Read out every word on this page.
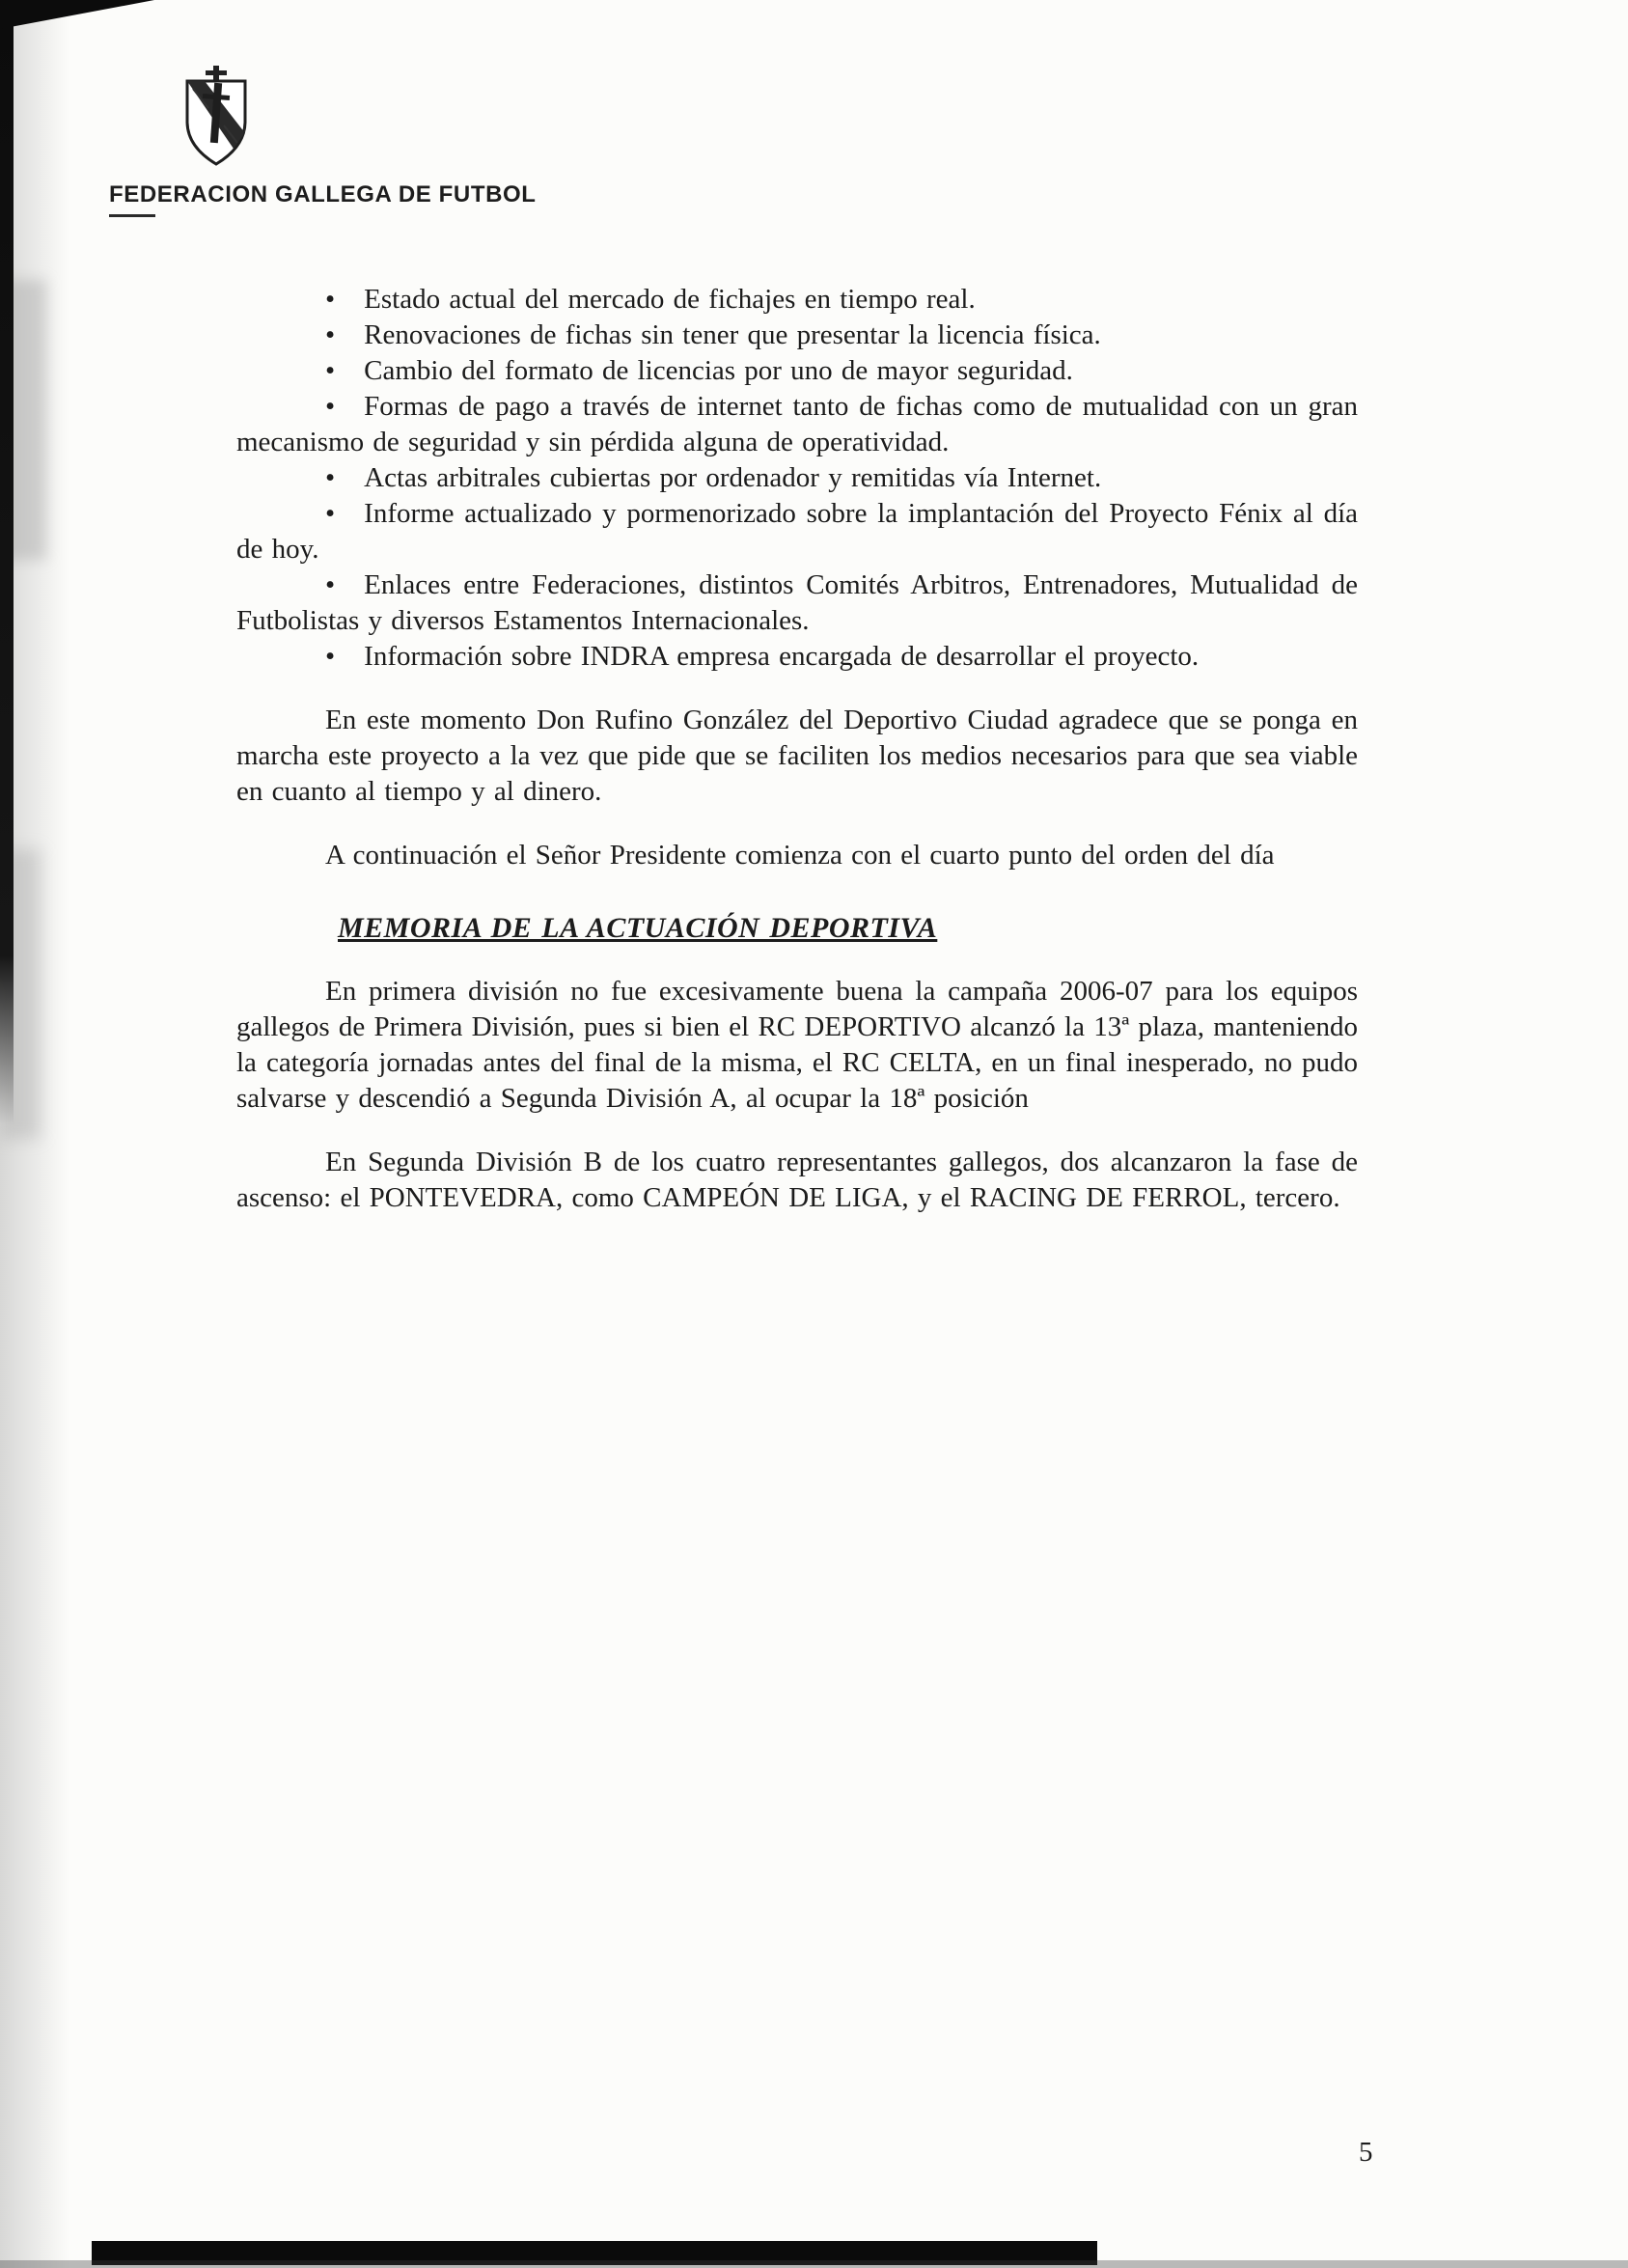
FEDERACION GALLEGA DE FUTBOL

• Estado actual del mercado de fichajes en tiempo real.

• Renovaciones de fichas sin tener que presentar la licencia física.

• Cambio del formato de licencias por uno de mayor seguridad.

• Formas de pago a través de internet tanto de fichas como de mutualidad con un gran mecanismo de seguridad y sin pérdida alguna de operatividad.

• Actas arbitrales cubiertas por ordenador y remitidas vía Internet.

• Informe actualizado y pormenorizado sobre la implantación del Proyecto Fénix al día de hoy.

• Enlaces entre Federaciones, distintos Comités Arbitros, Entrenadores, Mutualidad de Futbolistas y diversos Estamentos Internacionales.

• Información sobre INDRA empresa encargada de desarrollar el proyecto.

En este momento Don Rufino González del Deportivo Ciudad agradece que se ponga en marcha este proyecto a la vez que pide que se faciliten los medios necesarios para que sea viable en cuanto al tiempo y al dinero.

A continuación el Señor Presidente comienza con el cuarto punto del orden del día

MEMORIA DE LA ACTUACIÓN DEPORTIVA

En primera división no fue excesivamente buena la campaña 2006-07 para los equipos gallegos de Primera División, pues si bien el RC DEPORTIVO alcanzó la 13ª plaza, manteniendo la categoría jornadas antes del final de la misma, el RC CELTA, en un final inesperado, no pudo salvarse y descendió a Segunda División A, al ocupar la 18ª posición

En Segunda División B de los cuatro representantes gallegos, dos alcanzaron la fase de ascenso: el PONTEVEDRA, como CAMPEÓN DE LIGA, y el RACING DE FERROL, tercero.

5
